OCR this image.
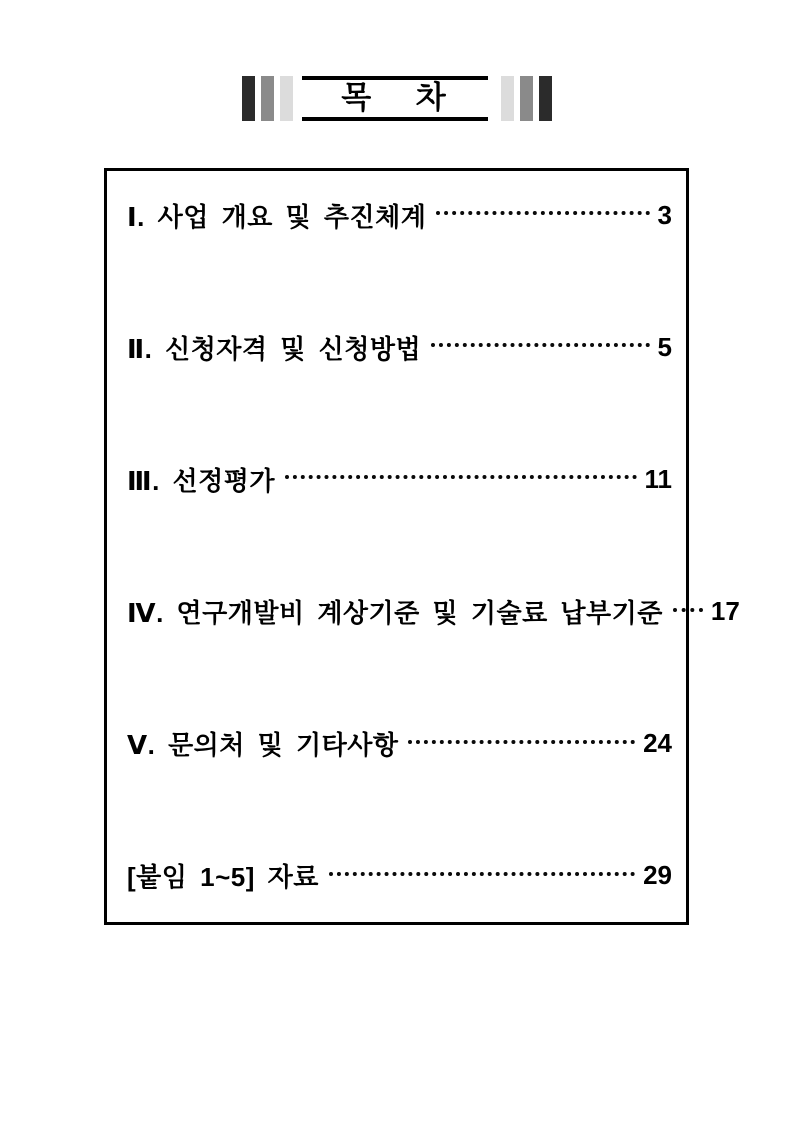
목 차
Ⅰ. 사업 개요 및 추진체계	3
Ⅱ. 신청자격 및 신청방법	5
Ⅲ. 선정평가	11
Ⅳ. 연구개발비 계상기준 및 기술료 납부기준 17
Ⅴ. 문의처 및 기타사항	24
[붙임 1~5] 자료	29
